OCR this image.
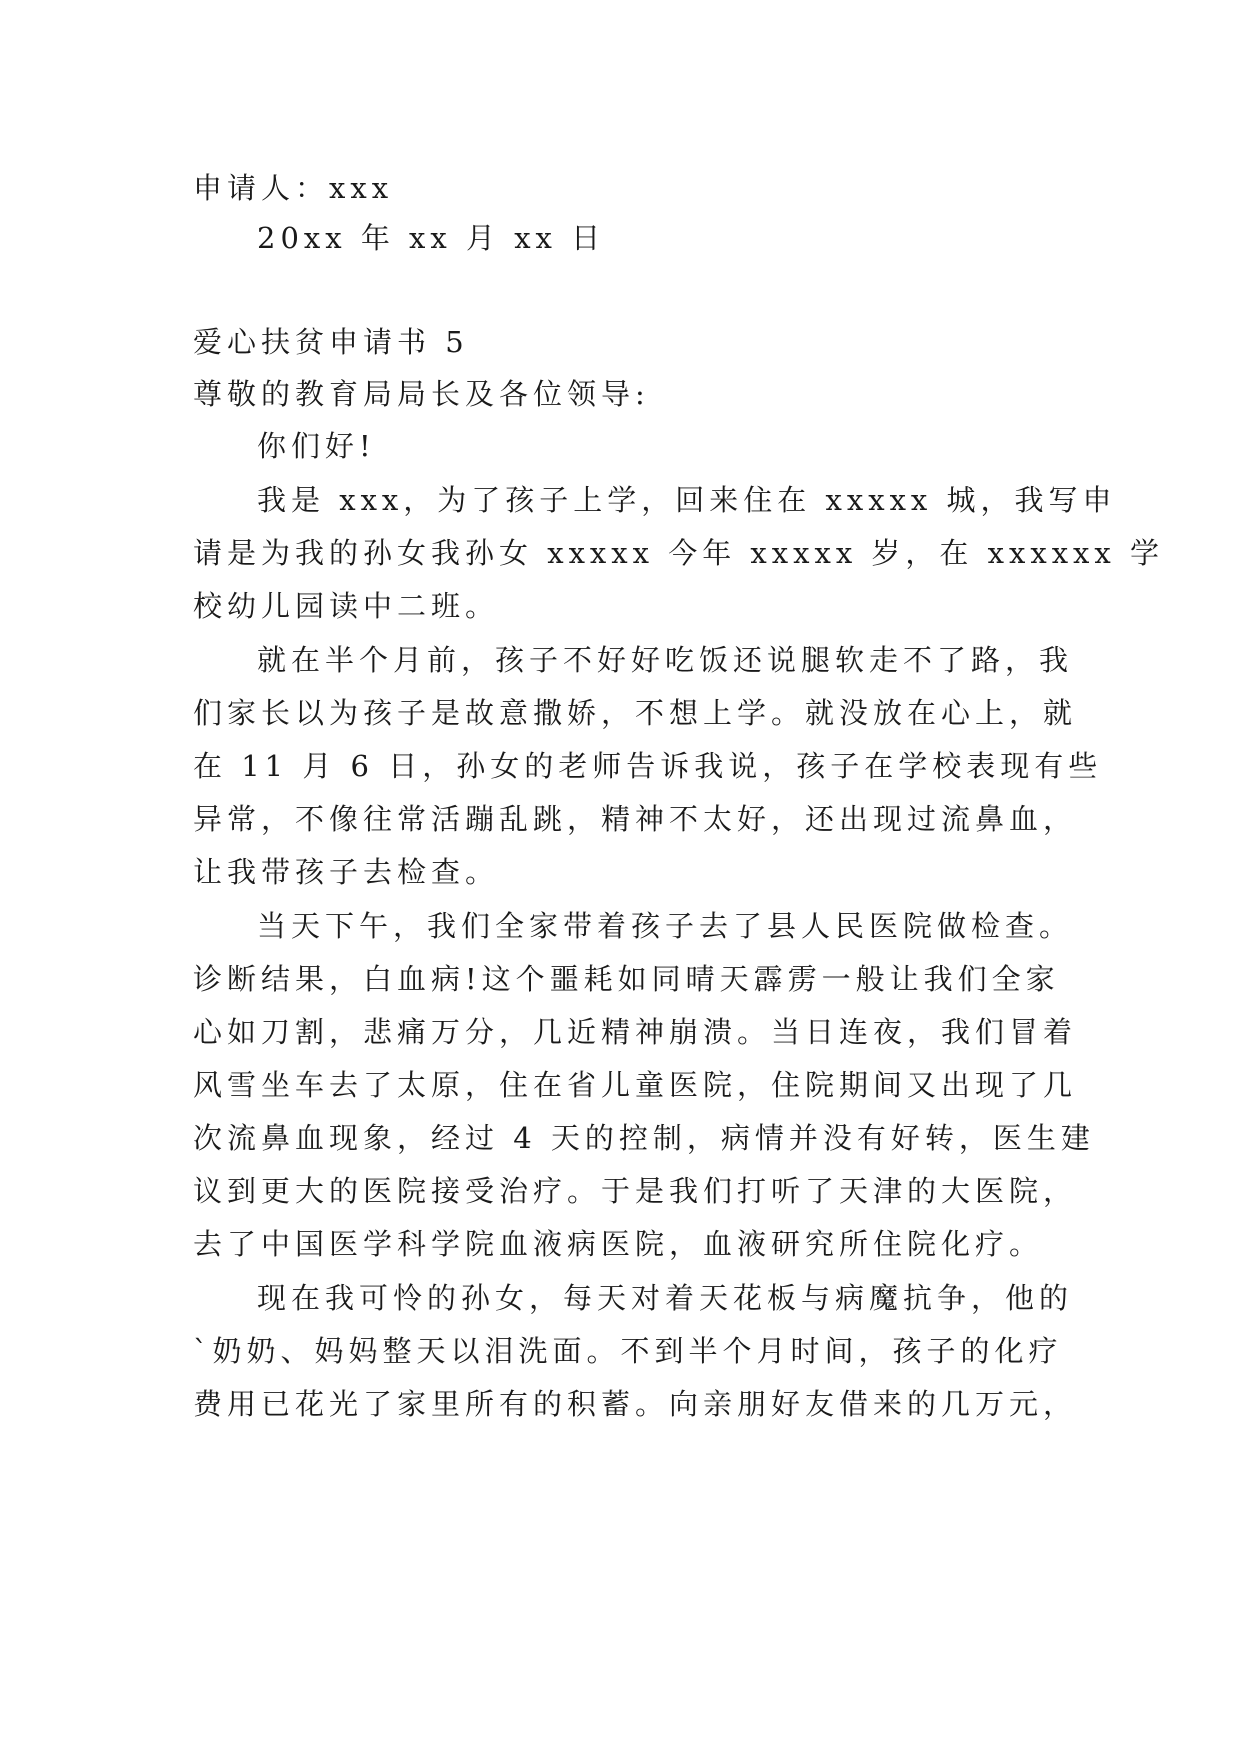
申请人：xxx
20xx 年 xx 月 xx 日
爱心扶贫申请书 5
尊敬的教育局局长及各位领导:
你们好!
我是 xxx，为了孩子上学，回来住在 xxxxx 城，我写申
请是为我的孙女我孙女 xxxxx 今年 xxxxx 岁，在 xxxxxx 学
校幼儿园读中二班。
就在半个月前，孩子不好好吃饭还说腿软走不了路，我
们家长以为孩子是故意撒娇，不想上学。就没放在心上，就
在 11 月 6 日，孙女的老师告诉我说，孩子在学校表现有些
异常，不像往常活蹦乱跳，精神不太好，还出现过流鼻血，
让我带孩子去检查。
当天下午，我们全家带着孩子去了县人民医院做检查。
诊断结果，白血病!这个噩耗如同晴天霹雳一般让我们全家
心如刀割，悲痛万分，几近精神崩溃。当日连夜，我们冒着
风雪坐车去了太原，住在省儿童医院，住院期间又出现了几
次流鼻血现象，经过 4 天的控制，病情并没有好转，医生建
议到更大的医院接受治疗。于是我们打听了天津的大医院，
去了中国医学科学院血液病医院，血液研究所住院化疗。
现在我可怜的孙女，每天对着天花板与病魔抗争，他的
`奶奶、妈妈整天以泪洗面。不到半个月时间，孩子的化疗
费用已花光了家里所有的积蓄。向亲朋好友借来的几万元，
